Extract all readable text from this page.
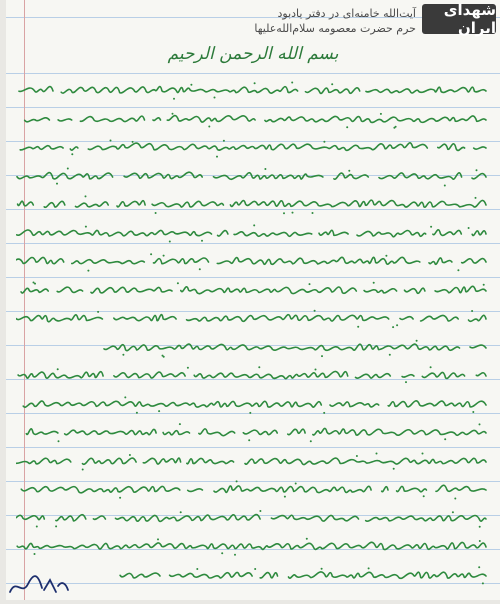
شهدای ایران
آیت‌الله خامنه‌ای در دفتر یادبود
حرم حضرت معصومه سلام‌الله‌علیها
بسم الله الرحمن الرحیم
